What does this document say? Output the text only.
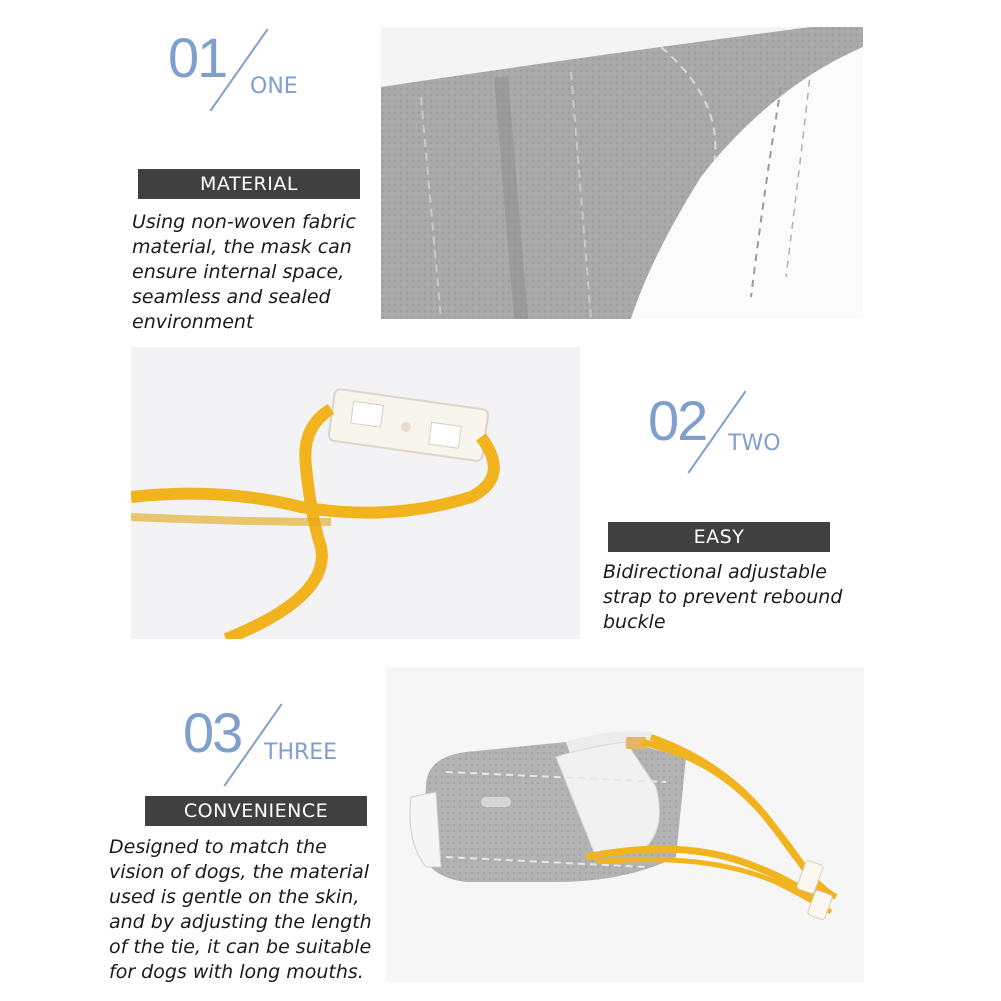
01 ONE
MATERIAL
Using non-woven fabric material, the mask can ensure internal space, seamless and sealed environment
02 TWO
EASY
Bidirectional adjustable strap to prevent rebound buckle
03 THREE
CONVENIENCE
Designed to match the vision of dogs, the material used is gentle on the skin, and by adjusting the length of the tie, it can be suitable for dogs with long mouths.
